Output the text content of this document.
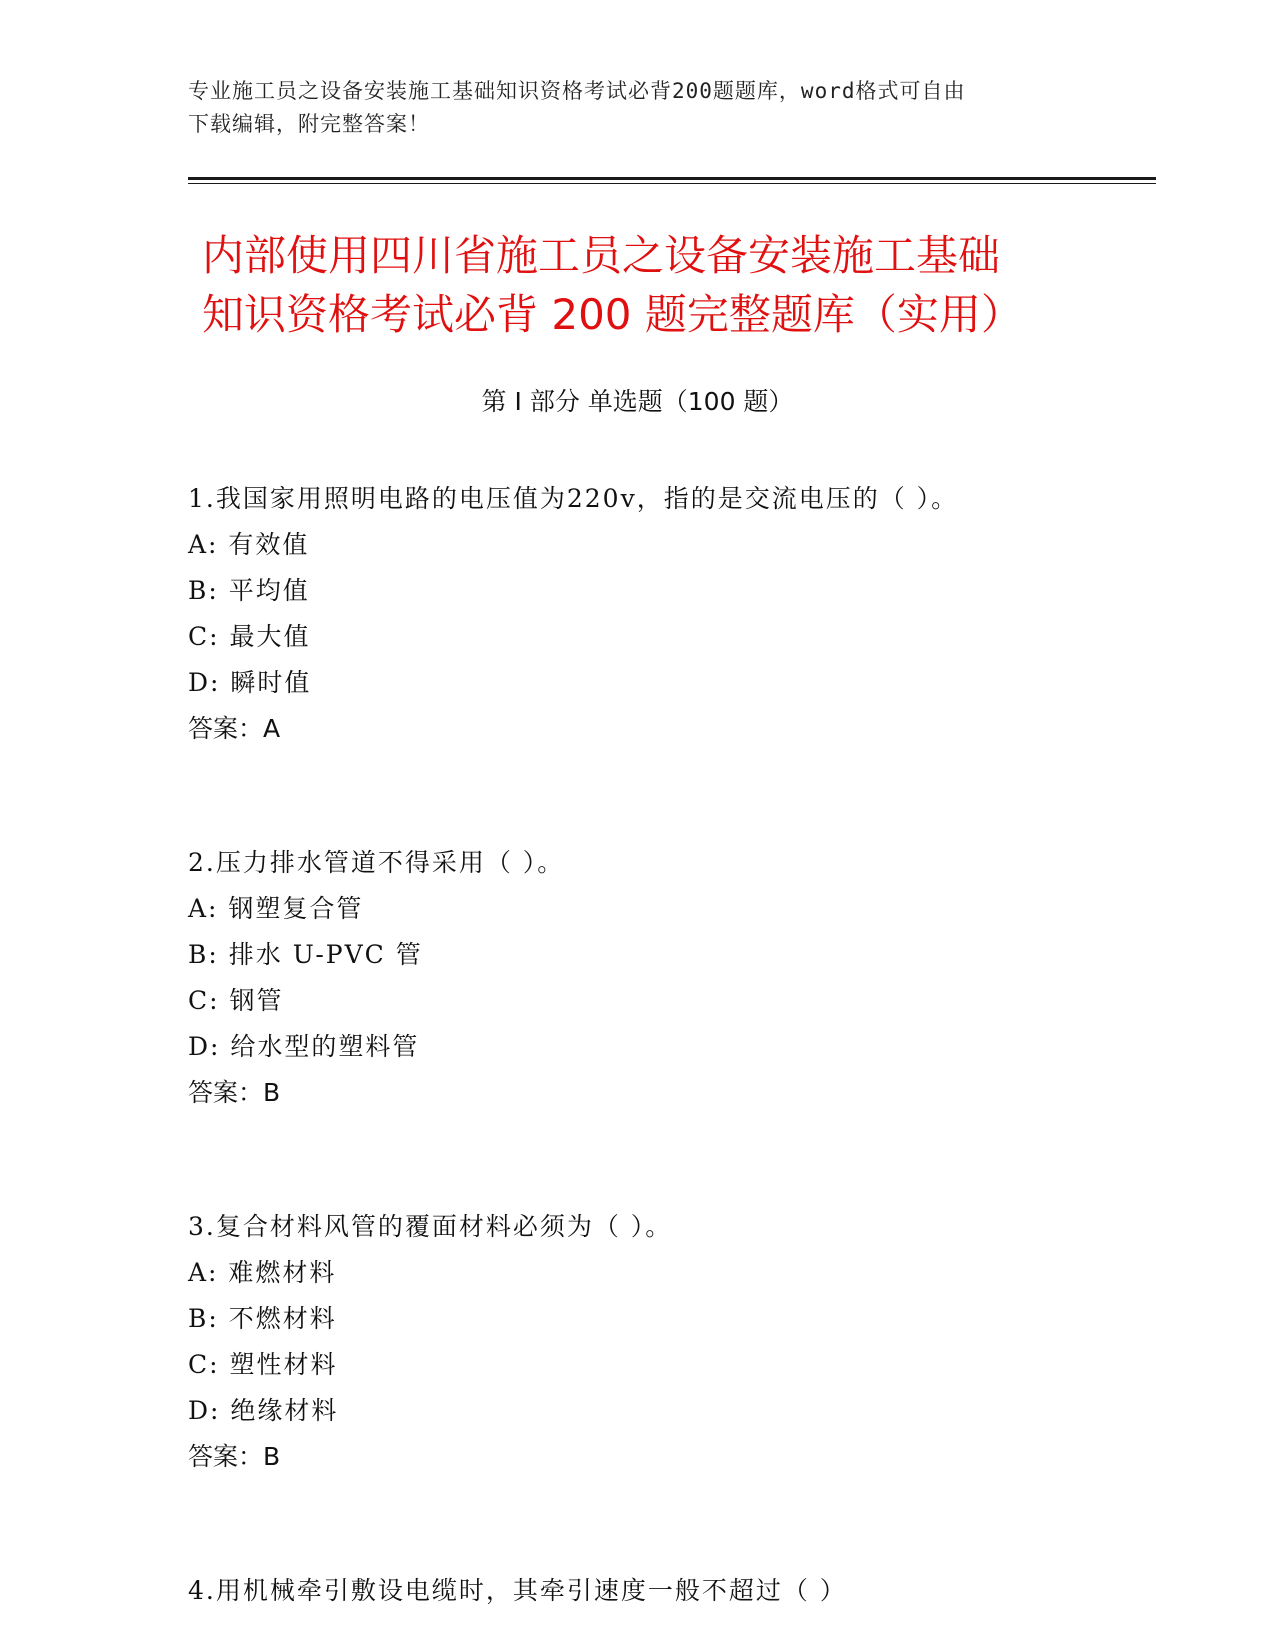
专业施工员之设备安装施工基础知识资格考试必背200题题库，word格式可自由
下载编辑，附完整答案！
内部使用四川省施工员之设备安装施工基础
知识资格考试必背 200 题完整题库（实用）
第 I 部分 单选题（100 题）
1.我国家用照明电路的电压值为220v，指的是交流电压的（ ）。
A: 有效值
B: 平均值
C: 最大值
D: 瞬时值
答案：A
2.压力排水管道不得采用（ ）。
A: 钢塑复合管
B: 排水 U-PVC 管
C: 钢管
D: 给水型的塑料管
答案：B
3.复合材料风管的覆面材料必须为（ ）。
A: 难燃材料
B: 不燃材料
C: 塑性材料
D: 绝缘材料
答案：B
4.用机械牵引敷设电缆时，其牵引速度一般不超过（ ）
